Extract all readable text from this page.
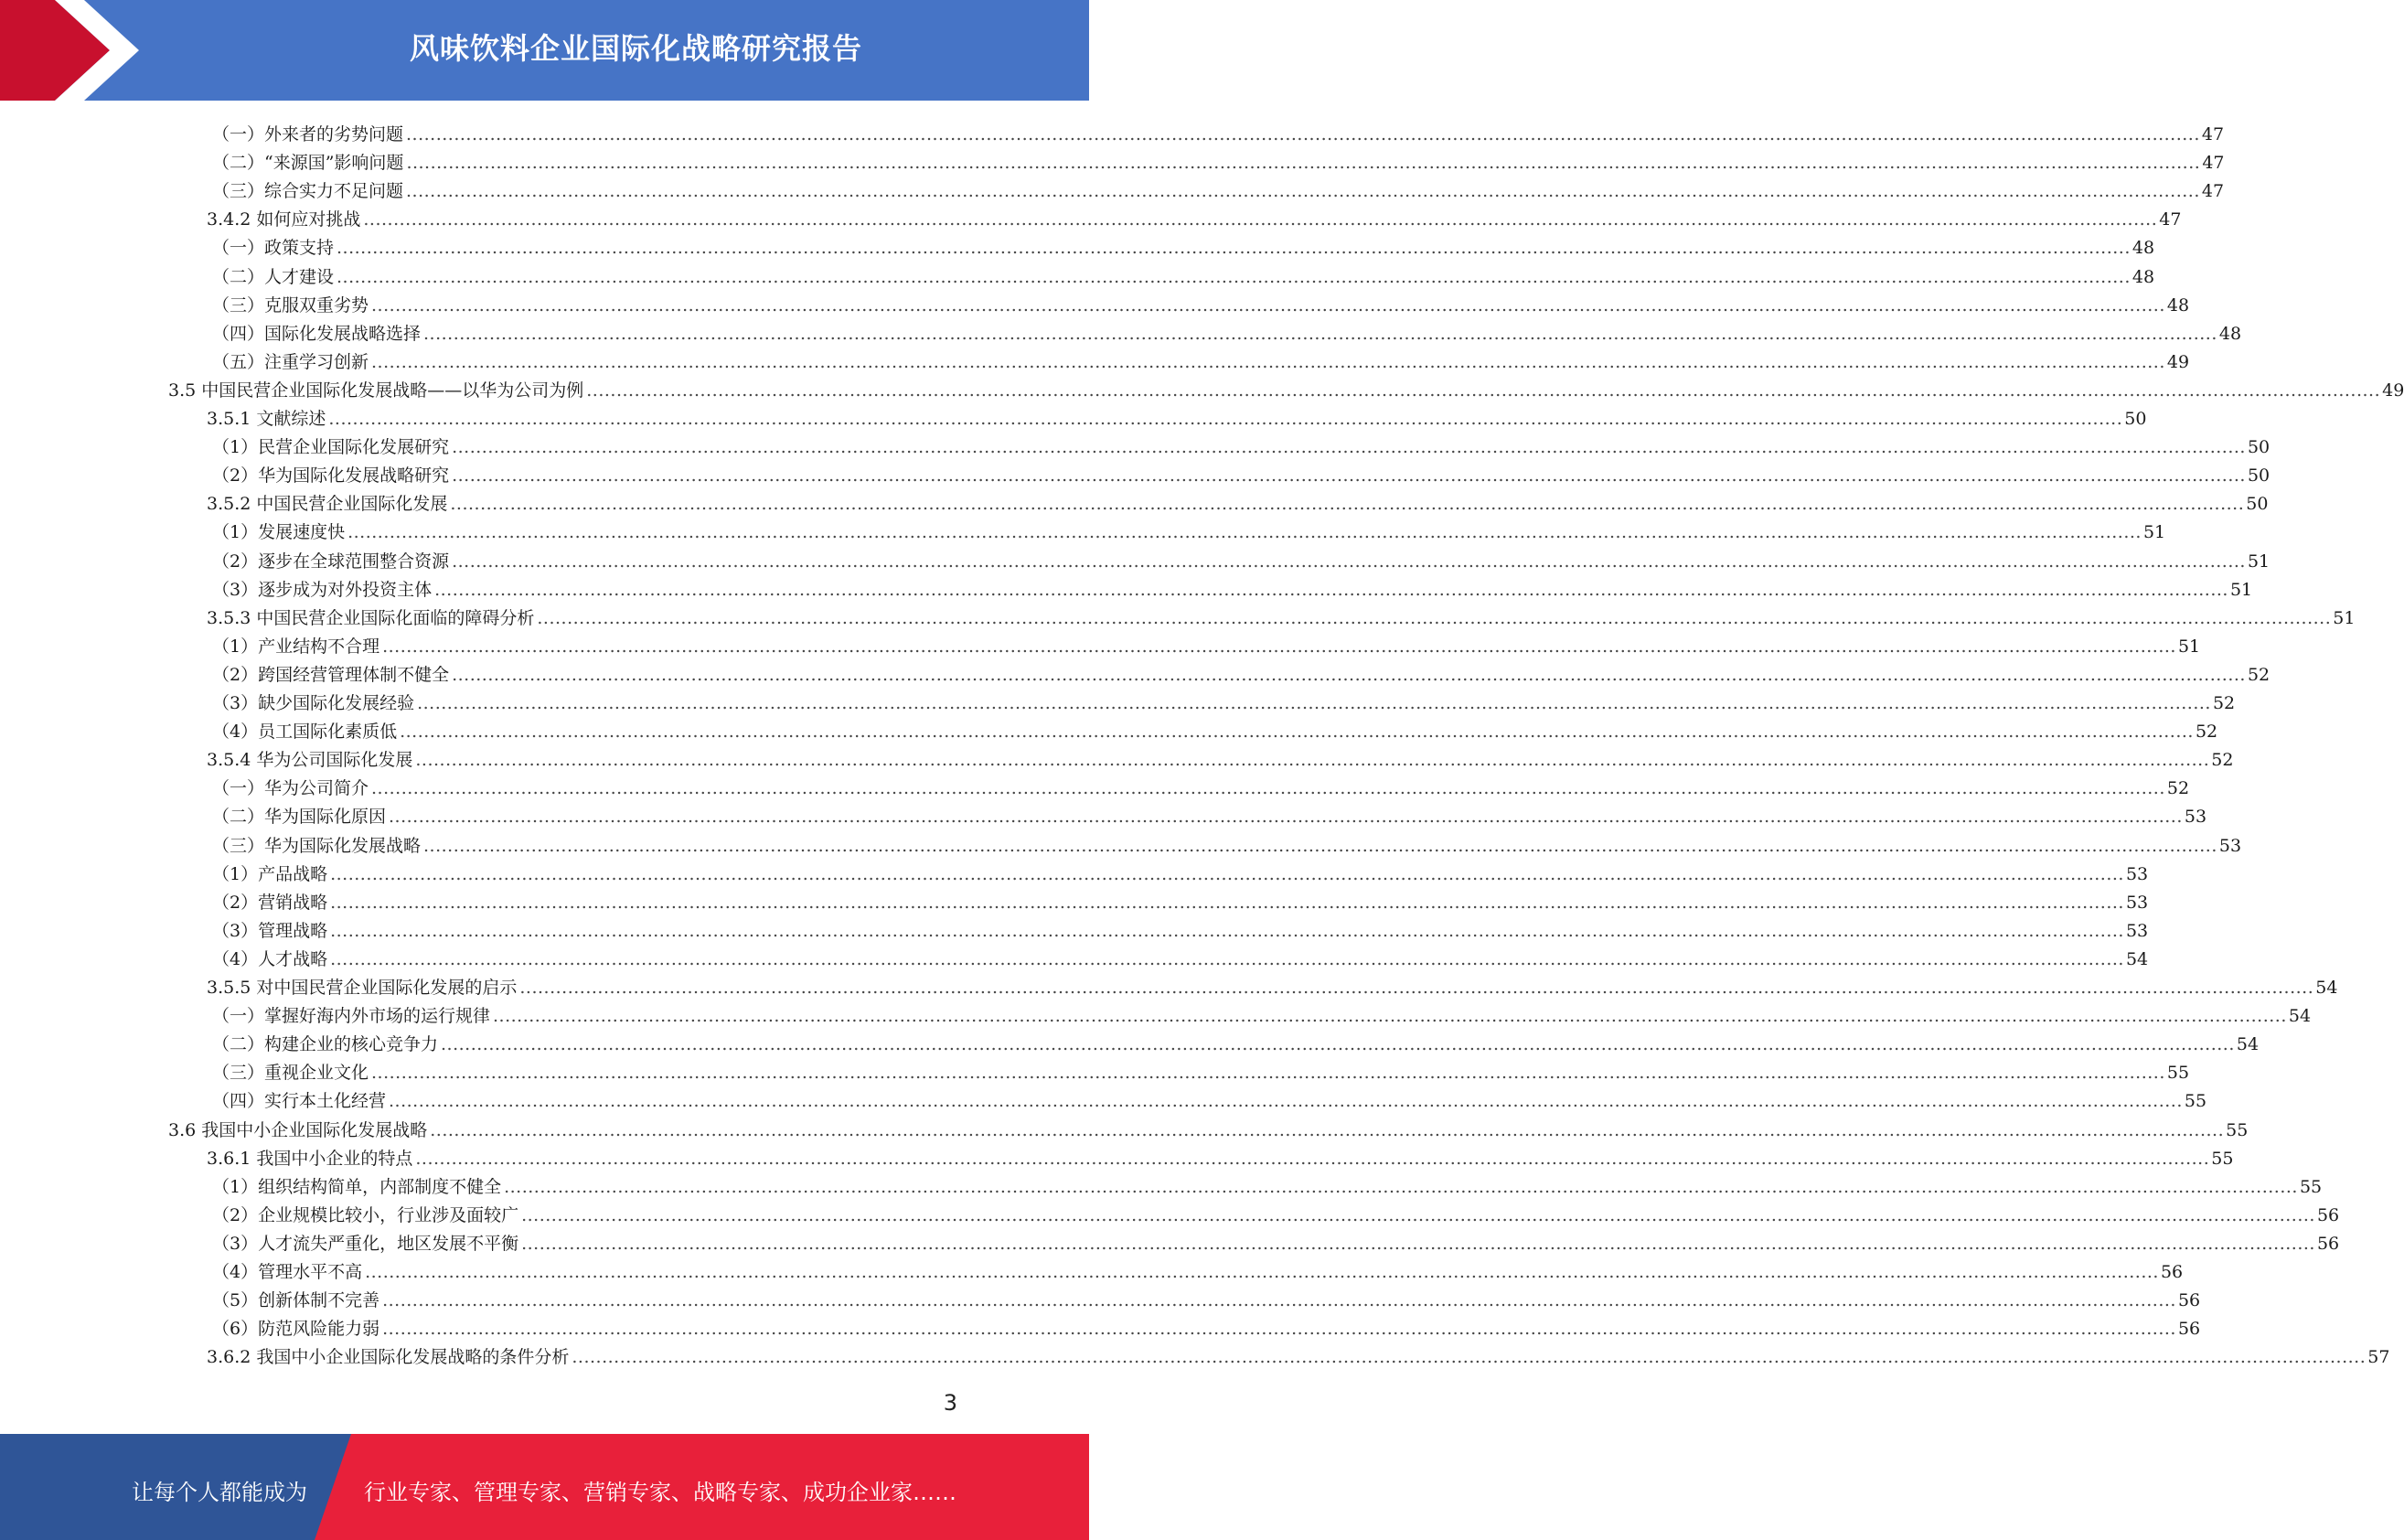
风味饮料企业国际化战略研究报告
（一）外来者的劣势问题 ............................................................................................................................................................................................................................................................................................................ 47
（二）“来源国”影响问题 ............................................................................................................................................................................................................................................................................................................ 47
（三）综合实力不足问题 ............................................................................................................................................................................................................................................................................................................ 47
3.4.2 如何应对挑战 ............................................................................................................................................................................................................................................................................................................ 47
（一）政策支持 ............................................................................................................................................................................................................................................................................................................ 48
（二）人才建设 ............................................................................................................................................................................................................................................................................................................ 48
（三）克服双重劣势 ............................................................................................................................................................................................................................................................................................................ 48
（四）国际化发展战略选择 ............................................................................................................................................................................................................................................................................................................ 48
（五）注重学习创新 ............................................................................................................................................................................................................................................................................................................ 49
3.5 中国民营企业国际化发展战略——以华为公司为例 ............................................................................................................................................................................................................................................................................................................ 49
3.5.1 文献综述 ............................................................................................................................................................................................................................................................................................................ 50
（1）民营企业国际化发展研究 ............................................................................................................................................................................................................................................................................................................ 50
（2）华为国际化发展战略研究 ............................................................................................................................................................................................................................................................................................................ 50
3.5.2 中国民营企业国际化发展 ............................................................................................................................................................................................................................................................................................................ 50
（1）发展速度快 ............................................................................................................................................................................................................................................................................................................ 51
（2）逐步在全球范围整合资源 ............................................................................................................................................................................................................................................................................................................ 51
（3）逐步成为对外投资主体 ............................................................................................................................................................................................................................................................................................................ 51
3.5.3 中国民营企业国际化面临的障碍分析 ............................................................................................................................................................................................................................................................................................................ 51
（1）产业结构不合理 ............................................................................................................................................................................................................................................................................................................ 51
（2）跨国经营管理体制不健全 ............................................................................................................................................................................................................................................................................................................ 52
（3）缺少国际化发展经验 ............................................................................................................................................................................................................................................................................................................ 52
（4）员工国际化素质低 ............................................................................................................................................................................................................................................................................................................ 52
3.5.4 华为公司国际化发展 ............................................................................................................................................................................................................................................................................................................ 52
（一）华为公司简介 ............................................................................................................................................................................................................................................................................................................ 52
（二）华为国际化原因 ............................................................................................................................................................................................................................................................................................................ 53
（三）华为国际化发展战略 ............................................................................................................................................................................................................................................................................................................ 53
（1）产品战略 ............................................................................................................................................................................................................................................................................................................ 53
（2）营销战略 ............................................................................................................................................................................................................................................................................................................ 53
（3）管理战略 ............................................................................................................................................................................................................................................................................................................ 53
（4）人才战略 ............................................................................................................................................................................................................................................................................................................ 54
3.5.5 对中国民营企业国际化发展的启示 ............................................................................................................................................................................................................................................................................................................ 54
（一）掌握好海内外市场的运行规律 ............................................................................................................................................................................................................................................................................................................ 54
（二）构建企业的核心竞争力 ............................................................................................................................................................................................................................................................................................................ 54
（三）重视企业文化 ............................................................................................................................................................................................................................................................................................................ 55
（四）实行本土化经营 ............................................................................................................................................................................................................................................................................................................ 55
3.6 我国中小企业国际化发展战略 ............................................................................................................................................................................................................................................................................................................ 55
3.6.1 我国中小企业的特点 ............................................................................................................................................................................................................................................................................................................ 55
（1）组织结构简单，内部制度不健全 ............................................................................................................................................................................................................................................................................................................ 55
（2）企业规模比较小，行业涉及面较广 ............................................................................................................................................................................................................................................................................................................ 56
（3）人才流失严重化，地区发展不平衡 ............................................................................................................................................................................................................................................................................................................ 56
（4）管理水平不高 ............................................................................................................................................................................................................................................................................................................ 56
（5）创新体制不完善 ............................................................................................................................................................................................................................................................................................................ 56
（6）防范风险能力弱 ............................................................................................................................................................................................................................................................................................................ 56
3.6.2 我国中小企业国际化发展战略的条件分析 ............................................................................................................................................................................................................................................................................................................ 57
3
让每个人都能成为	行业专家、管理专家、营销专家、战略专家、成功企业家……
